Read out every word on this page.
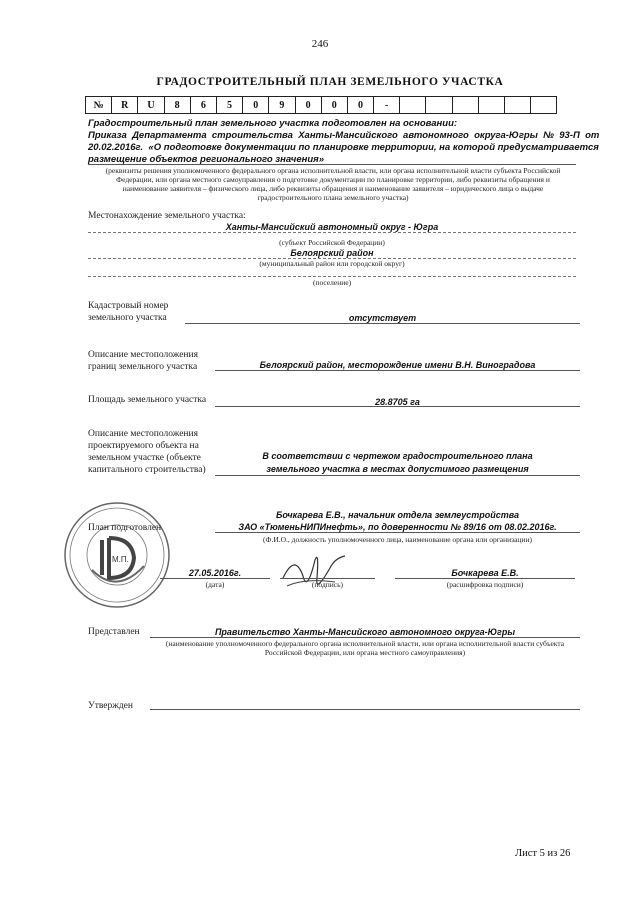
246
ГРАДОСТРОИТЕЛЬНЫЙ ПЛАН ЗЕМЕЛЬНОГО УЧАСТКА
№	R	U	8	6	5	0	9	0	0	0	-						
Градостроительный план земельного участка подготовлен на основании:
Приказа  Департамента  строительства  Ханты-Мансийского  автономного  округа-Югры  №  93-П  от
20.02.2016г.  «О подготовке документации по планировке территории, на которой предусматривается
размещение объектов регионального значения»
(реквизиты решения уполномоченного федерального органа исполнительной власти, или органа исполнительной власти субъекта Российской
Федерации, или органа местного самоуправления о подготовке документации по планировке территории, либо реквизиты обращения и
наименование заявителя – физического лица, либо реквизиты обращения и наименование заявителя – юридического лица о выдаче
градостроительного плана земельного участка)
Местонахождение земельного участка:
Ханты-Мансийский автономный округ - Югра
(субъект Российской Федерации)
Белоярский район
(муниципальный район или городской округ)
(поселение)
Кадастровый номер
земельного участка	отсутствует
Описание местоположения
границ земельного участка	Белоярский район, месторождение имени В.Н. Виноградова
Площадь земельного участка	28.8705 га
Описание местоположения
проектируемого объекта на
земельном участке (объекте
капитального строительства)
В соответствии с чертежом градостроительного плана
земельного участка в местах допустимого размещения
М.П.
План подготовлен
Бочкарева Е.В., начальник отдела землеустройства
ЗАО «ТюменьНИПИнефть», по доверенности № 89/16 от 08.02.2016г.
(Ф.И.О., должность уполномоченного лица, наименование органа или организации)
27.05.2016г.
(дата)	(подпись)
Бочкарева Е.В.
(расшифровка подписи)
Представлен	Правительство Ханты-Мансийского автономного округа-Югры
(наименование уполномоченного федерального органа исполнительной власти, или органа исполнительной власти субъекта
Российской Федерации, или органа местного самоуправления)
Утвержден
Лист 5 из 26
